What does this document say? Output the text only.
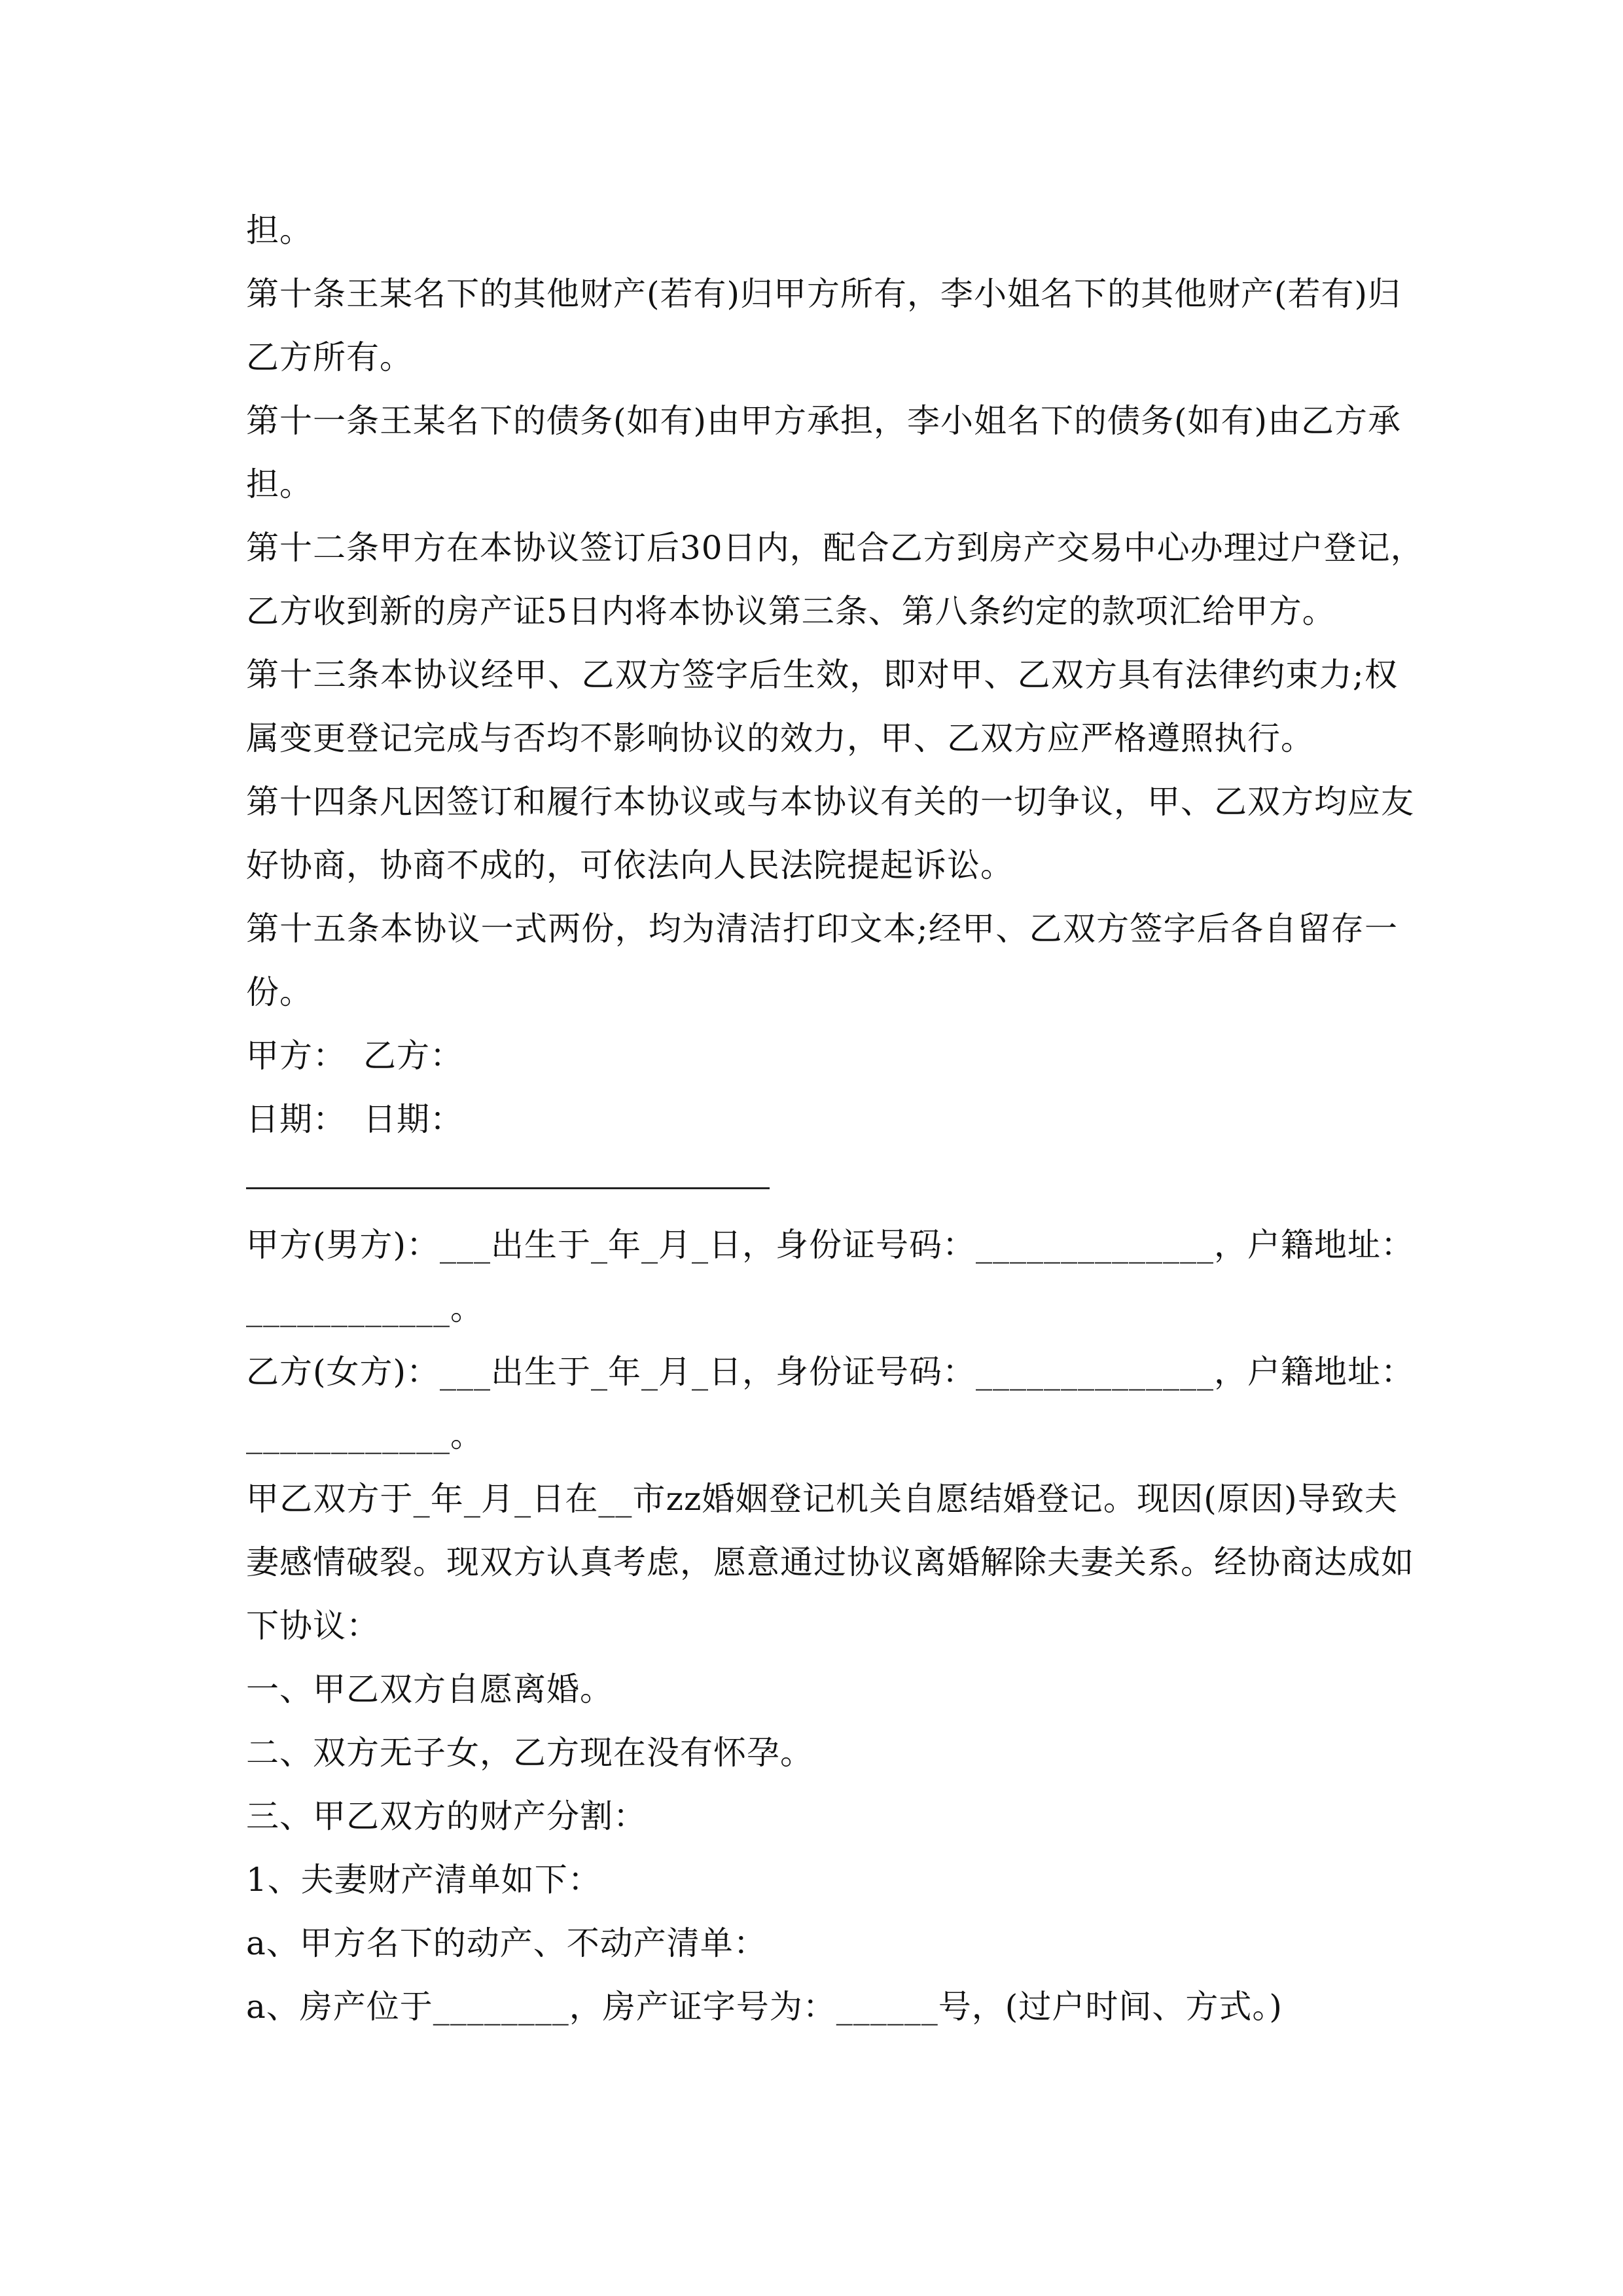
担。
第十条王某名下的其他财产(若有)归甲方所有，李小姐名下的其他财产(若有)归
乙方所有。
第十一条王某名下的债务(如有)由甲方承担，李小姐名下的债务(如有)由乙方承
担。
第十二条甲方在本协议签订后30日内，配合乙方到房产交易中心办理过户登记，
乙方收到新的房产证5日内将本协议第三条、第八条约定的款项汇给甲方。
第十三条本协议经甲、乙双方签字后生效，即对甲、乙双方具有法律约束力;权
属变更登记完成与否均不影响协议的效力，甲、乙双方应严格遵照执行。
第十四条凡因签订和履行本协议或与本协议有关的一切争议，甲、乙双方均应友
好协商，协商不成的，可依法向人民法院提起诉讼。
第十五条本协议一式两份，均为清洁打印文本;经甲、乙双方签字后各自留存一
份。
甲方：　乙方：
日期：　日期：
甲方(男方)：___出生于_年_月_日，身份证号码：______________，户籍地址：
____________。
乙方(女方)：___出生于_年_月_日，身份证号码：______________，户籍地址：
____________。
甲乙双方于_年_月_日在__市zz婚姻登记机关自愿结婚登记。现因(原因)导致夫
妻感情破裂。现双方认真考虑，愿意通过协议离婚解除夫妻关系。经协商达成如
下协议：
一、甲乙双方自愿离婚。
二、双方无子女，乙方现在没有怀孕。
三、甲乙双方的财产分割：
1、夫妻财产清单如下：
a、甲方名下的动产、不动产清单：
a、房产位于________，房产证字号为：______号，(过户时间、方式。)
